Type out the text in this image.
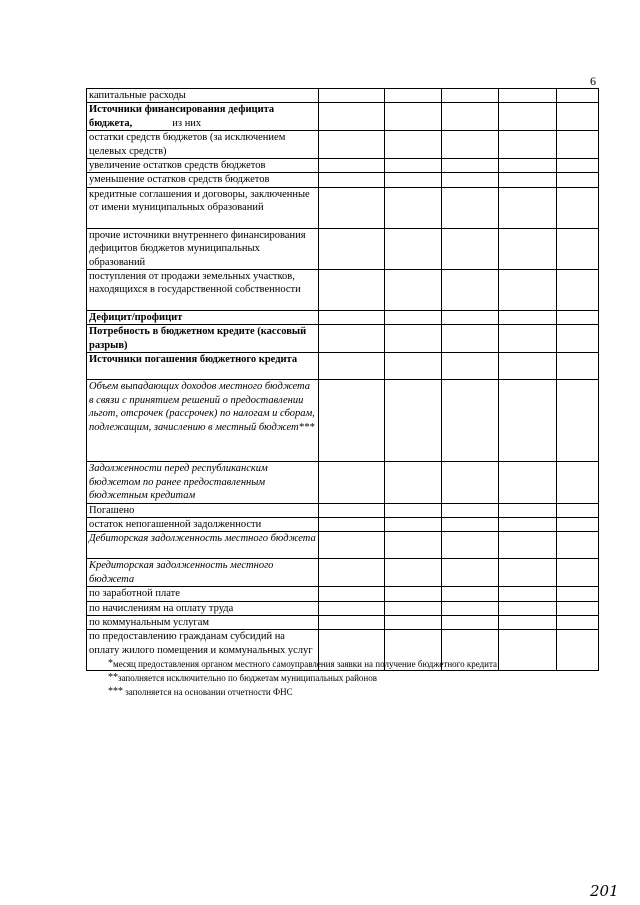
6
капитальные расходы					
Источники финансирования дефицита бюджета, из них					
остатки средств бюджетов (за исключением целевых средств)					
увеличение остатков средств бюджетов					
уменьшение остатков средств бюджетов					
кредитные соглашения и договоры, заключенные от имени муниципальных образований					
прочие источники внутреннего финансирования дефицитов бюджетов муниципальных образований					
поступления от продажи земельных участков, находящихся в государственной собственности					
Дефицит/профицит					
Потребность в бюджетном кредите (кассовый разрыв)					
Источники погашения бюджетного кредита					
Объем выпадающих доходов местного бюджета в связи с принятием решений о предоставлении льгот, отсрочек (рассрочек) по налогам и сборам, подлежащим, зачислению в местный бюджет***					
Задолженности перед республиканским бюджетом по ранее предоставленным бюджетным кредитам					
Погашено					
остаток непогашенной задолженности					
Дебиторская задолженность местного бюджета					
Кредиторская задолженность местного бюджета					
по заработной плате					
по начислениям на оплату труда					
по коммунальным услугам					
по предоставлению гражданам субсидий на оплату жилого помещения и коммунальных услуг					
*месяц предоставления органом местного самоуправления заявки на получение бюджетного кредита
**заполняется исключительно по бюджетам муниципальных районов
*** заполняется на основании отчетности ФНС
201
